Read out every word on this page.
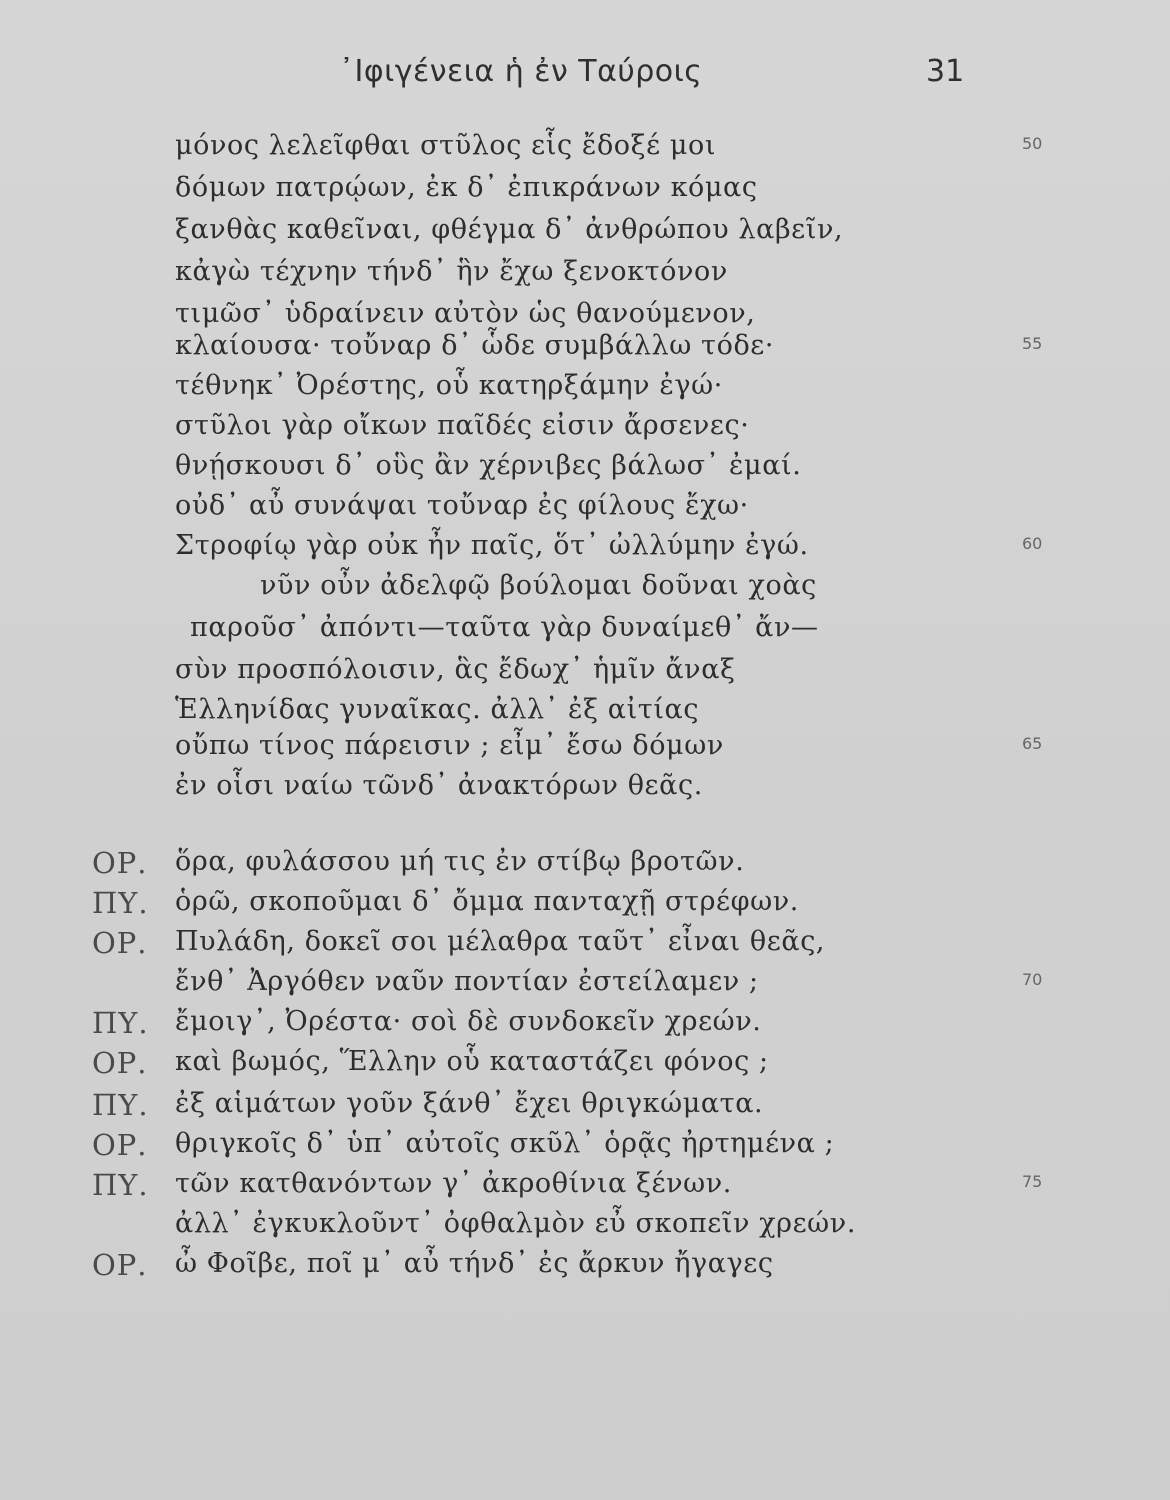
᾿Ιφιγένεια ἡ ἐν Ταύροις	31
μόνος λελεῖφθαι στῦλος εἷς ἔδοξέ μοι	50
δόμων πατρῴων, ἐκ δ᾽ ἐπικράνων κόμας
ξανθὰς καθεῖναι, φθέγμα δ᾽ ἀνθρώπου λαβεῖν,
κἀγὼ τέχνην τήνδ᾽ ἣν ἔχω ξενοκτόνον
τιμῶσ᾽ ὑδραίνειν αὐτὸν ὡς θανούμενον,
κλαίουσα· τοὔναρ δ᾽ ὧδε συμβάλλω τόδε·	55
τέθνηκ᾽ Ὀρέστης, οὗ κατηρξάμην ἐγώ·
στῦλοι γὰρ οἴκων παῖδές εἰσιν ἄρσενες·
θνῄσκουσι δ᾽ οὓς ἂν χέρνιβες βάλωσ᾽ ἐμαί.
οὐδ᾽ αὖ συνάψαι τοὔναρ ἐς φίλους ἔχω·
Στροφίῳ γὰρ οὐκ ἦν παῖς, ὅτ᾽ ὠλλύμην ἐγώ.	60
νῦν οὖν ἀδελφῷ βούλομαι δοῦναι χοὰς
παροῦσ᾽ ἀπόντι—ταῦτα γὰρ δυναίμεθ᾽ ἄν—
σὺν προσπόλοισιν, ἃς ἔδωχ᾽ ἡμῖν ἄναξ
Ἑλληνίδας γυναῖκας. ἀλλ᾽ ἐξ αἰτίας
οὔπω τίνος πάρεισιν ; εἶμ᾽ ἔσω δόμων	65
ἐν οἷσι ναίω τῶνδ᾽ ἀνακτόρων θεᾶς.
ΟΡ.	ὅρα, φυλάσσου μή τις ἐν στίβῳ βροτῶν.
ΠΥ. ὁρῶ, σκοποῦμαι δ᾽ ὄμμα πανταχῇ στρέφων.
ΟΡ.	Πυλάδη, δοκεῖ σοι μέλαθρα ταῦτ᾽ εἶναι θεᾶς,
ἔνθ᾽ Ἀργόθεν ναῦν ποντίαν ἐστείλαμεν ;	70
ΠΥ. ἔμοιγ᾽, Ὀρέστα· σοὶ δὲ συνδοκεῖν χρεών.
ΟΡ.	καὶ βωμός, Ἕλλην οὗ καταστάζει φόνος ;
ΠΥ. ἐξ αἱμάτων γοῦν ξάνθ᾽ ἔχει θριγκώματα.
ΟΡ.	θριγκοῖς δ᾽ ὑπ᾽ αὐτοῖς σκῦλ᾽ ὁρᾷς ἠρτημένα ;
ΠΥ. τῶν κατθανόντων γ᾽ ἀκροθίνια ξένων.	75
ἀλλ᾽ ἐγκυκλοῦντ᾽ ὀφθαλμὸν εὖ σκοπεῖν χρεών.
ΟΡ.	ὦ Φοῖβε, ποῖ μ᾽ αὖ τήνδ᾽ ἐς ἄρκυν ἤγαγες
